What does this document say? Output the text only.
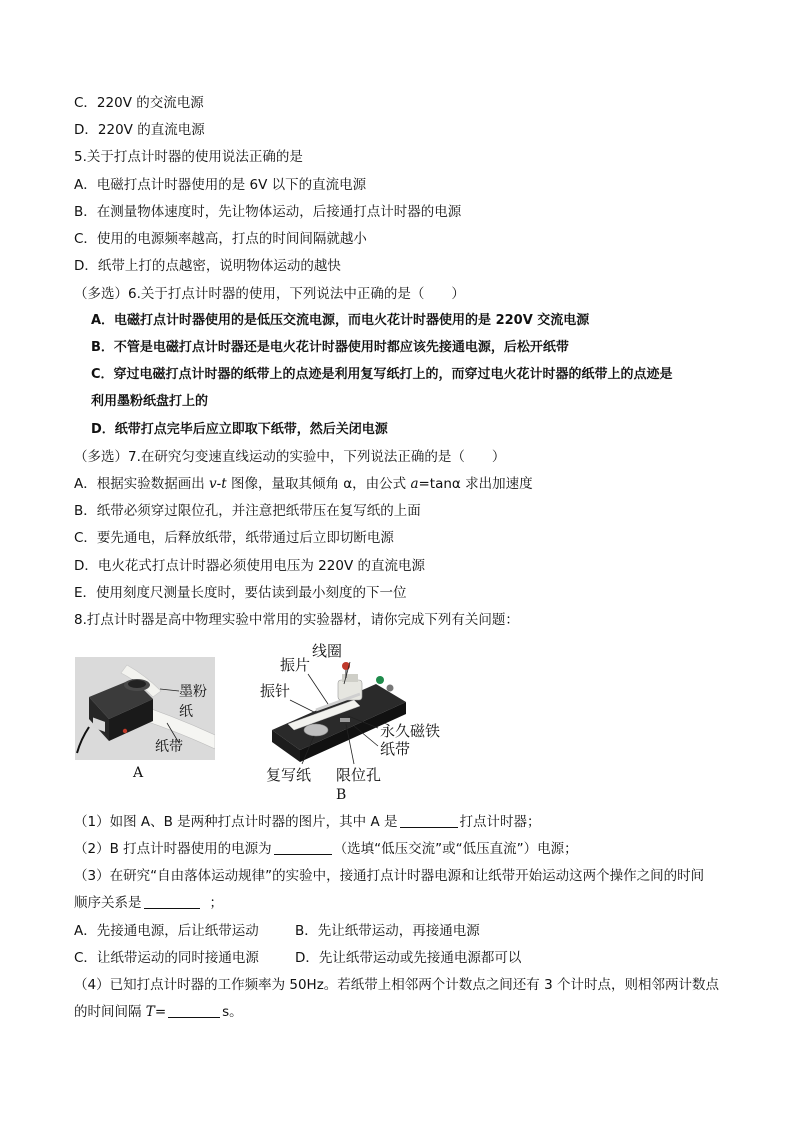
C．220V 的交流电源
D．220V 的直流电源
5.关于打点计时器的使用说法正确的是
A．电磁打点计时器使用的是 6V 以下的直流电源
B．在测量物体速度时，先让物体运动，后接通打点计时器的电源
C．使用的电源频率越高，打点的时间间隔就越小
D．纸带上打的点越密，说明物体运动的越快
（多选）6.关于打点计时器的使用，下列说法中正确的是（　　）
A．电磁打点计时器使用的是低压交流电源，而电火花计时器使用的是 220V 交流电源
B．不管是电磁打点计时器还是电火花计时器使用时都应该先接通电源，后松开纸带
C．穿过电磁打点计时器的纸带上的点迹是利用复写纸打上的，而穿过电火花计时器的纸带上的点迹是
利用墨粉纸盘打上的
D．纸带打点完毕后应立即取下纸带，然后关闭电源
（多选）7.在研究匀变速直线运动的实验中，下列说法正确的是（　　）
A．根据实验数据画出 v-t 图像，量取其倾角 α，由公式 a=tanα 求出加速度
B．纸带必须穿过限位孔，并注意把纸带压在复写纸的上面
C．要先通电，后释放纸带，纸带通过后立即切断电源
D．电火花式打点计时器必须使用电压为 220V 的直流电源
E．使用刻度尺测量长度时，要估读到最小刻度的下一位
8.打点计时器是高中物理实验中常用的实验器材，请你完成下列有关问题：
墨粉纸
纸带
A
线圈
振片
振针
永久磁铁
纸带
复写纸 限位孔
B
（1）如图 A、B 是两种打点计时器的图片，其中 A 是	打点计时器；
（2）B 打点计时器使用的电源为	（选填“低压交流”或“低压直流”）电源；
（3）在研究“自由落体运动规律”的实验中，接通打点计时器电源和让纸带开始运动这两个操作之间的时间
顺序关系是	；
A．先接通电源，后让纸带运动	B．先让纸带运动，再接通电源
C．让纸带运动的同时接通电源	D．先让纸带运动或先接通电源都可以
（4）已知打点计时器的工作频率为 50Hz。若纸带上相邻两个计数点之间还有 3 个计时点，则相邻两计数点
的时间间隔 T=	s。
